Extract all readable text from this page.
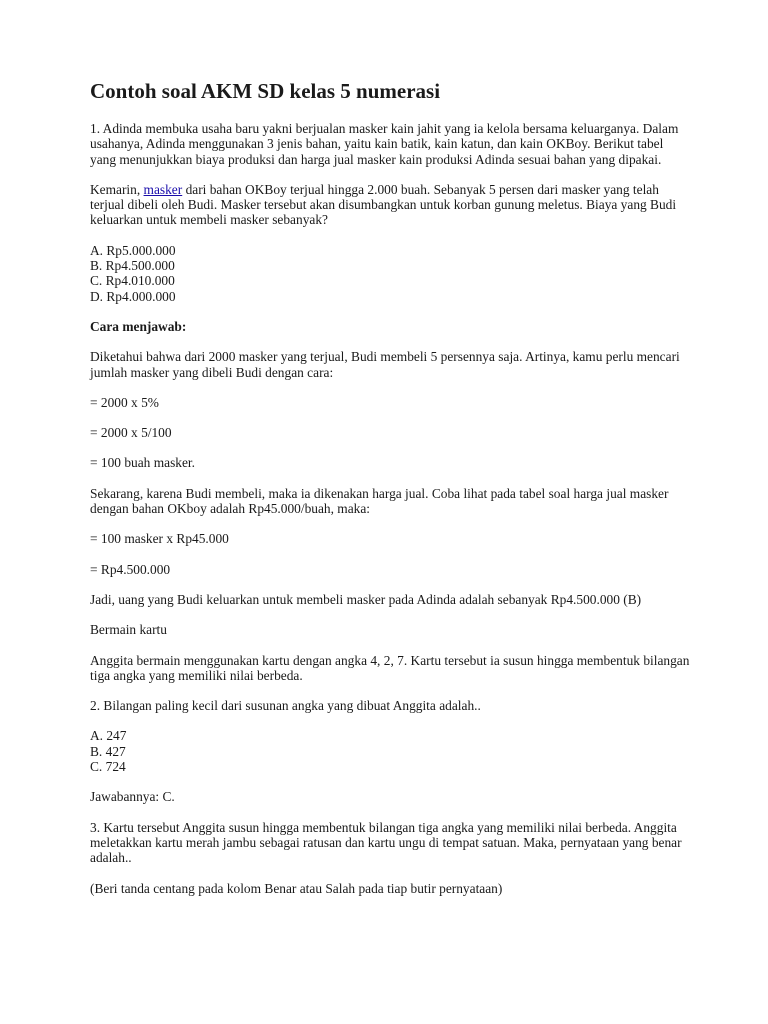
Contoh soal AKM SD kelas 5 numerasi

1. Adinda membuka usaha baru yakni berjualan masker kain jahit yang ia kelola bersama keluarganya. Dalam usahanya, Adinda menggunakan 3 jenis bahan, yaitu kain batik, kain katun, dan kain OKBoy. Berikut tabel yang menunjukkan biaya produksi dan harga jual masker kain produksi Adinda sesuai bahan yang dipakai.

Kemarin, masker dari bahan OKBoy terjual hingga 2.000 buah. Sebanyak 5 persen dari masker yang telah terjual dibeli oleh Budi. Masker tersebut akan disumbangkan untuk korban gunung meletus. Biaya yang Budi keluarkan untuk membeli masker sebanyak?

A. Rp5.000.000
B. Rp4.500.000
C. Rp4.010.000
D. Rp4.000.000

Cara menjawab:

Diketahui bahwa dari 2000 masker yang terjual, Budi membeli 5 persennya saja. Artinya, kamu perlu mencari jumlah masker yang dibeli Budi dengan cara:

= 2000 x 5%

= 2000 x 5/100

= 100 buah masker.

Sekarang, karena Budi membeli, maka ia dikenakan harga jual. Coba lihat pada tabel soal harga jual masker dengan bahan OKboy adalah Rp45.000/buah, maka:

= 100 masker x Rp45.000

= Rp4.500.000

Jadi, uang yang Budi keluarkan untuk membeli masker pada Adinda adalah sebanyak Rp4.500.000 (B)

Bermain kartu

Anggita bermain menggunakan kartu dengan angka 4, 2, 7. Kartu tersebut ia susun hingga membentuk bilangan tiga angka yang memiliki nilai berbeda.

2. Bilangan paling kecil dari susunan angka yang dibuat Anggita adalah..

A. 247
B. 427
C. 724

Jawabannya: C.

3. Kartu tersebut Anggita susun hingga membentuk bilangan tiga angka yang memiliki nilai berbeda. Anggita meletakkan kartu merah jambu sebagai ratusan dan kartu ungu di tempat satuan. Maka, pernyataan yang benar adalah..

(Beri tanda centang pada kolom Benar atau Salah pada tiap butir pernyataan)
